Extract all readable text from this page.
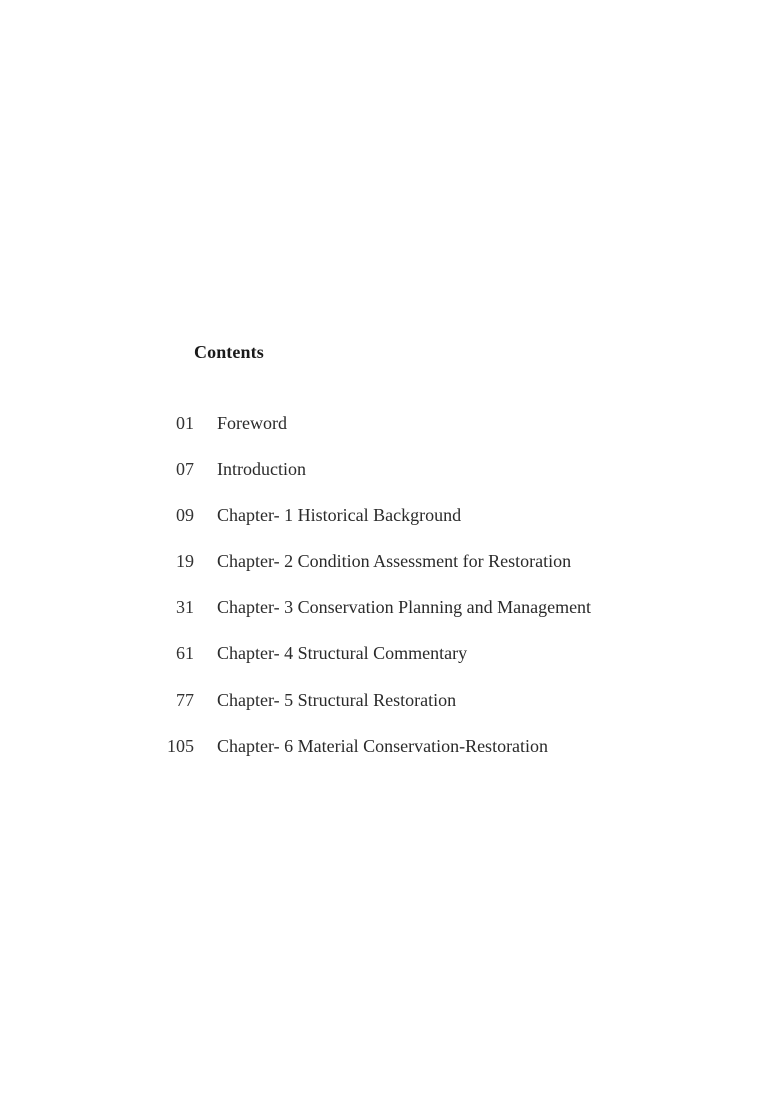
Contents
01 Foreword
07 Introduction
09 Chapter- 1 Historical Background
19 Chapter- 2 Condition Assessment for Restoration
31 Chapter- 3 Conservation Planning and Management
61 Chapter- 4 Structural Commentary
77 Chapter- 5 Structural Restoration
105 Chapter- 6 Material Conservation-Restoration
